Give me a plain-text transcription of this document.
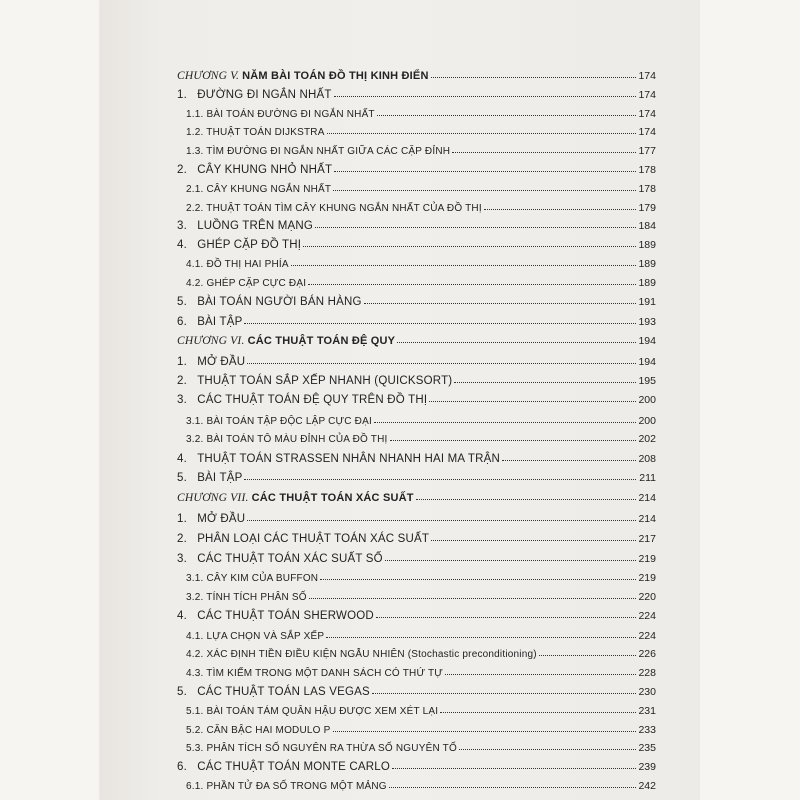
CHƯƠNG V. NĂM BÀI TOÁN ĐỒ THỊ KINH ĐIỂN	174
1. ĐƯỜNG ĐI NGẮN NHẤT	174
1.1. BÀI TOÁN ĐƯỜNG ĐI NGẮN NHẤT	174
1.2. THUẬT TOÁN DIJKSTRA	174
1.3. TÌM ĐƯỜNG ĐI NGẮN NHẤT GIỮA CÁC CẶP ĐỈNH	177
2. CÂY KHUNG NHỎ NHẤT	178
2.1. CÂY KHUNG NGẮN NHẤT	178
2.2. THUẬT TOÁN TÌM CÂY KHUNG NGẮN NHẤT CỦA ĐỒ THỊ	179
3. LUỒNG TRÊN MẠNG	184
4. GHÉP CẶP ĐỒ THỊ	189
4.1. ĐỒ THỊ HAI PHÍA	189
4.2. GHÉP CẶP CỰC ĐẠI	189
5. BÀI TOÁN NGƯỜI BÁN HÀNG	191
6. BÀI TẬP	193
CHƯƠNG VI. CÁC THUẬT TOÁN ĐỆ QUY	194
1. MỞ ĐẦU	194
2. THUẬT TOÁN SẮP XẾP NHANH (QUICKSORT)	195
3. CÁC THUẬT TOÁN ĐỆ QUY TRÊN ĐỒ THỊ	200
3.1. BÀI TOÁN TẬP ĐỘC LẬP CỰC ĐẠI	200
3.2. BÀI TOÁN TÔ MÀU ĐỈNH CỦA ĐỒ THỊ	202
4. THUẬT TOÁN STRASSEN NHÂN NHANH HAI MA TRẬN	208
5. BÀI TẬP	211
CHƯƠNG VII. CÁC THUẬT TOÁN XÁC SUẤT	214
1. MỞ ĐẦU	214
2. PHÂN LOẠI CÁC THUẬT TOÁN XÁC SUẤT	217
3. CÁC THUẬT TOÁN XÁC SUẤT SỐ	219
3.1. CÂY KIM CỦA BUFFON	219
3.2. TÍNH TÍCH PHÂN SỐ	220
4. CÁC THUẬT TOÁN SHERWOOD	224
4.1. LỰA CHỌN VÀ SẮP XẾP	224
4.2. XÁC ĐỊNH TIỀN ĐIỀU KIỆN NGẪU NHIÊN (Stochastic preconditioning)	226
4.3. TÌM KIẾM TRONG MỘT DANH SÁCH CÓ THỨ TỰ	228
5. CÁC THUẬT TOÁN LAS VEGAS	230
5.1. BÀI TOÁN TÁM QUÂN HẬU ĐƯỢC XEM XÉT LẠI	231
5.2. CĂN BẬC HAI MODULO P	233
5.3. PHÂN TÍCH SỐ NGUYÊN RA THỪA SỐ NGUYÊN TỐ	235
6. CÁC THUẬT TOÁN MONTE CARLO	239
6.1. PHẦN TỬ ĐA SỐ TRONG MỘT MẢNG	242
